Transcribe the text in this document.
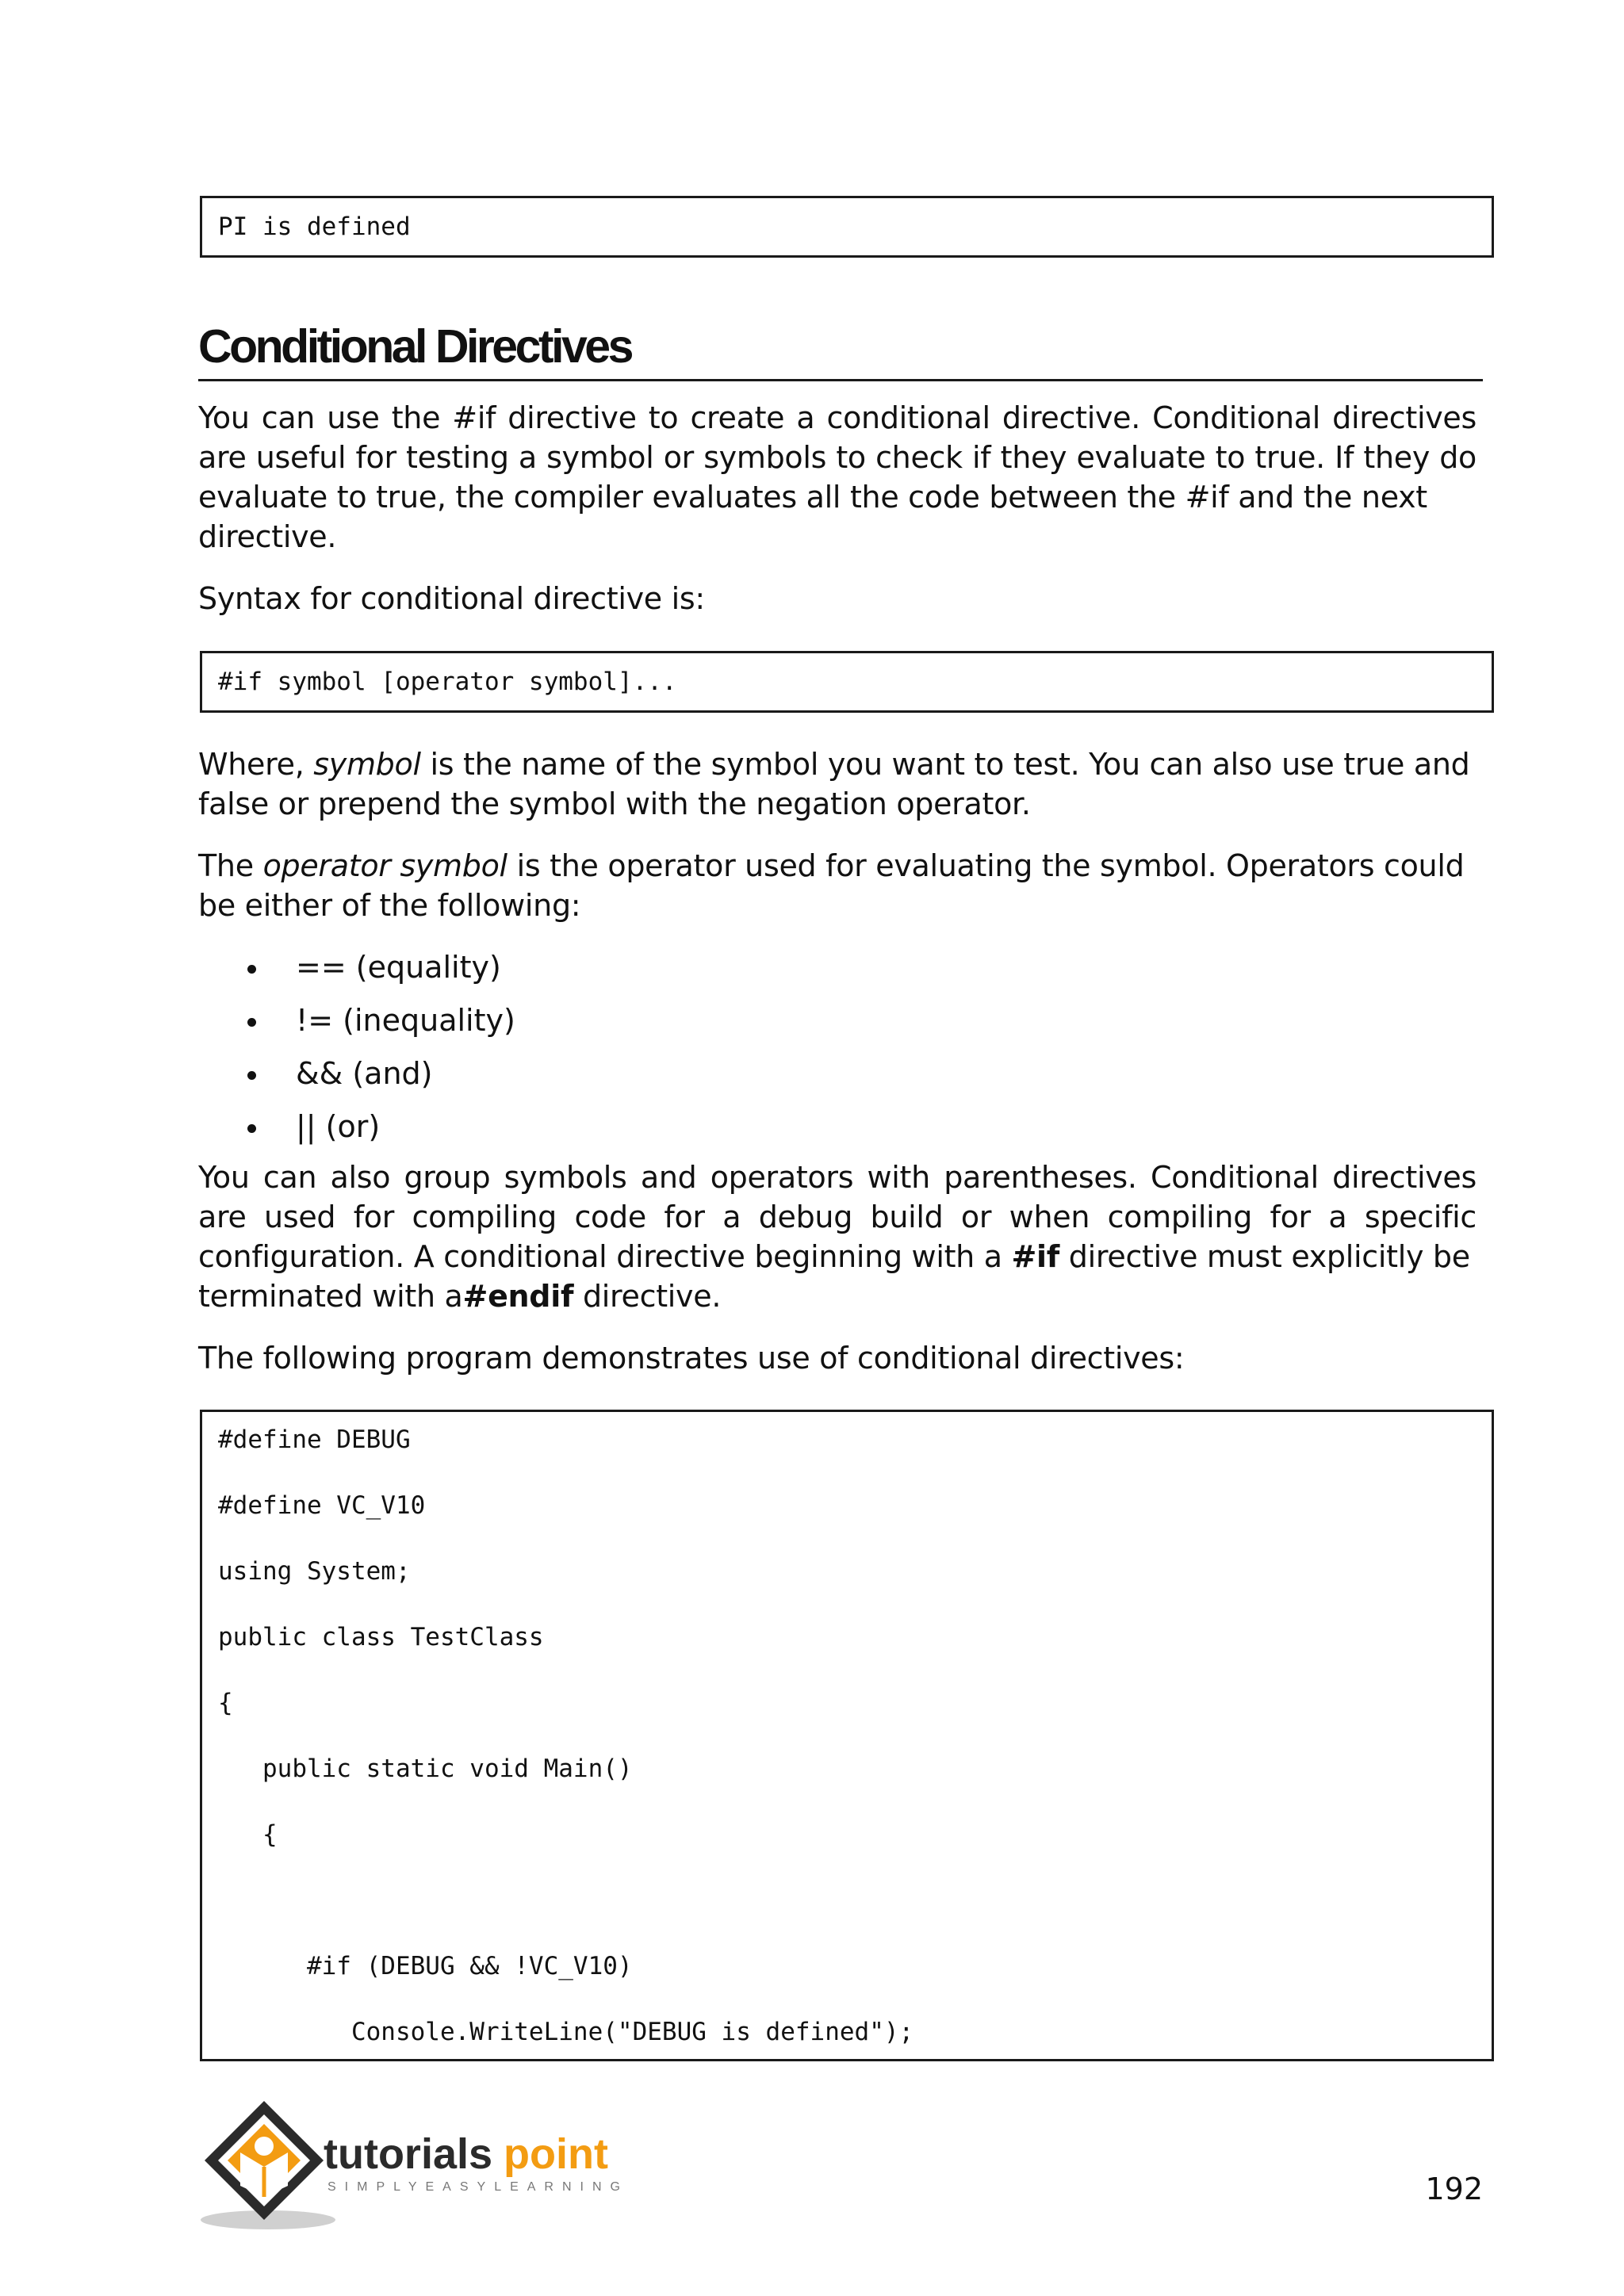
PI is defined
Conditional Directives
You can use the #if directive to create a conditional directive. Conditional directives are useful for testing a symbol or symbols to check if they evaluate to true. If they do evaluate to true, the compiler evaluates all the code between the #if and the next
directive.
Syntax for conditional directive is:
#if symbol [operator symbol]...
Where, symbol is the name of the symbol you want to test. You can also use true and
false or prepend the symbol with the negation operator.
The operator symbol is the operator used for evaluating the symbol. Operators could
be either of the following:
== (equality)
!= (inequality)
&& (and)
|| (or)
You can also group symbols and operators with parentheses. Conditional directives are used for compiling code for a debug build or when compiling for a specific configuration. A conditional directive beginning with a #if directive must explicitly be
terminated with a#endif directive.
The following program demonstrates use of conditional directives:
#define DEBUG
#define VC_V10
using System;
public class TestClass
{
public static void Main()
{
#if (DEBUG && !VC_V10)
Console.WriteLine("DEBUG is defined");
tutorials point
SIMPLYEASYLEARNING	192
